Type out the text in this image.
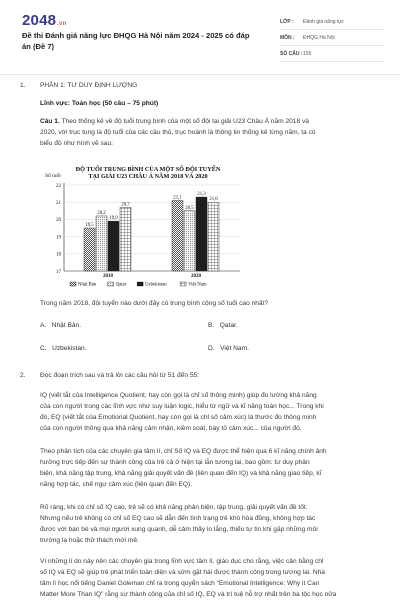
2048.vn
Đề thi Đánh giá năng lực ĐHQG Hà Nội năm 2024 - 2025 có đáp án (Đề 7)
LỚP :	Đánh giá năng lực
MÔN :	ĐHQG Hà Nội
SỐ CÂU : 155
1. PHẦN 1: TƯ DUY ĐỊNH LƯỢNG
Lĩnh vực: Toán học (50 câu – 75 phút)
Câu 1. Theo thống kê về độ tuổi trung bình của một số đội tại giải U23 Châu Á năm 2018 và
2020, với trục tung là độ tuổi của các cầu thủ, trục hoành là thông tin thống kê từng năm, ta có
biểu đồ như hình vẽ sau:
ĐỘ TUỔI TRUNG BÌNH CỦA MỘT SỐ ĐỘI TUYỂN
TẠI GIẢI U23 CHÂU Á NĂM 2018 VÀ 2020
Số tuổi
17
18
19
20
21
22
19,5
20,2
19,9
20,7
2018
21,1
20,5
21,3
21,0
2020
Nhật Bản	Qatar	Uzbekistan	Việt Nam
Trong năm 2018, đội tuyển nào dưới đây có trung bình cộng số tuổi cao nhất?
A. Nhật Bản.	B. Qatar.
C. Uzbekistan.	D. Việt Nam.
2. Đọc đoạn trích sau và trả lời các câu hỏi từ 51 đến 55:
IQ (viết tắt của Intelligence Quotient, hay còn gọi là chỉ số thông minh) giúp đo lường khả năng
của con người trong các lĩnh vực như suy luận logic, hiểu từ ngữ và kĩ năng toán học... Trong khi
đó, EQ (viết tắt của Emotional Quotient, hay còn gọi là chỉ số cảm xúc) là thước đo thông minh
của con người thông qua khả năng cảm nhận, kiềm soát, bày tỏ cảm xúc... của người đó.
Theo phân tích của các chuyên gia tâm lí, chỉ Số IQ và EQ được thể hiện qua 6 kĩ năng chính ảnh
hưởng trực tiếp đến sự thành công của trẻ cả ở hiện tại lẫn tương lai, bao gồm: tư duy phản
biện, khả năng tập trung, khả năng giải quyết vấn đề (liên quan đến IQ) và khả năng giao tiếp, kĩ
năng hợp tác, chế ngự cảm xúc (liên quan đến EQ).
Rõ ràng, khi có chỉ số IQ cao, trẻ sẽ có khả năng phản biện, tập trung, giải quyết vấn đề tốt.
Nhưng nếu trẻ không có chỉ số EQ cao sẽ dẫn đến tình trạng trẻ khó hòa đồng, không hợp tác
được với bạn bè và mọi người xung quanh, dễ cảm thấy lo lắng, thiếu tự tin khi gặp những môi
trường lạ hoặc thử thách mới mẻ.
Vì những lí do này nên các chuyên gia trong lĩnh vực tâm lí, giáo dục cho rằng, việc cân bằng chỉ
số IQ và EQ sẽ giúp trẻ phát triển toàn diện và sớm gặt hái được thành công trong tương lai. Nhà
tâm lí học nổi tiếng Daniel Goleman chỉ ra trong quyển sách “Emotional Intelligence: Why it Can
Matter More Than IQ” rằng sự thành công của chỉ số IQ, EQ và trí tuệ hỗ trợ nhất trên ba tộc học nửa
